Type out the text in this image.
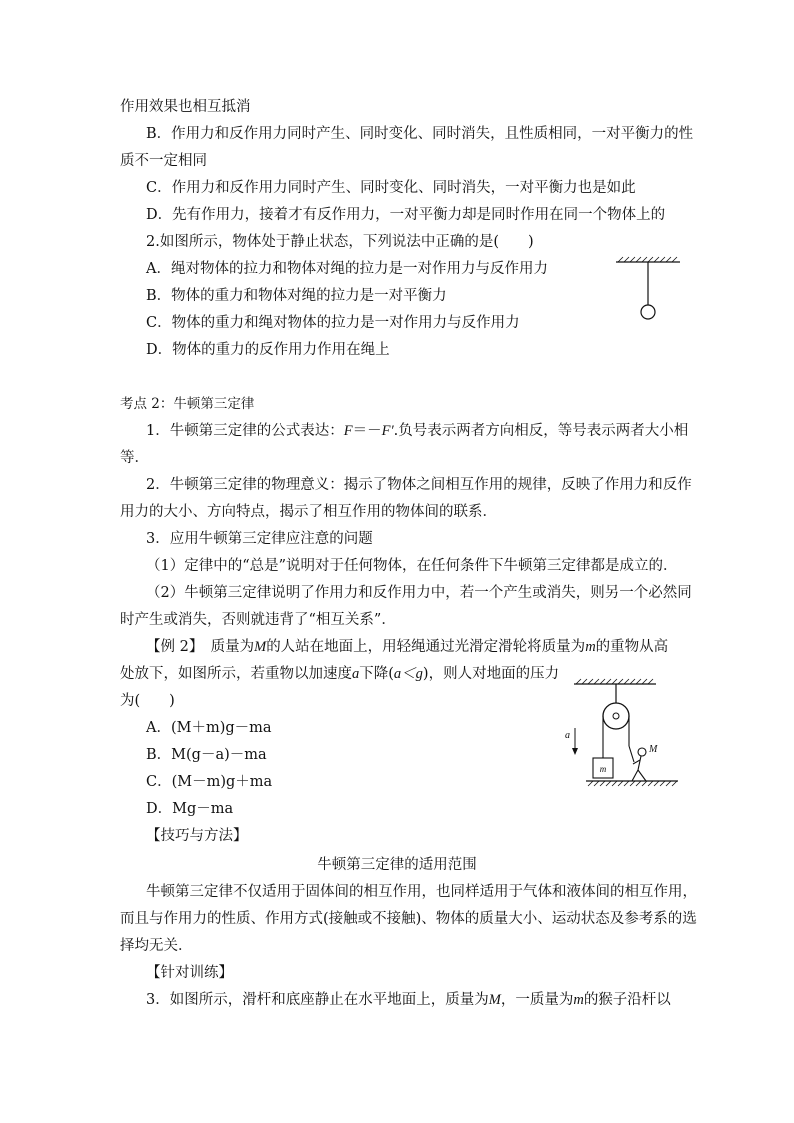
作用效果也相互抵消
B．作用力和反作用力同时产生、同时变化、同时消失，且性质相同，一对平衡力的性
质不一定相同
C．作用力和反作用力同时产生、同时变化、同时消失，一对平衡力也是如此
D．先有作用力，接着才有反作用力，一对平衡力却是同时作用在同一个物体上的
2.如图所示，物体处于静止状态，下列说法中正确的是(　　)
A．绳对物体的拉力和物体对绳的拉力是一对作用力与反作用力
B．物体的重力和物体对绳的拉力是一对平衡力
C．物体的重力和绳对物体的拉力是一对作用力与反作用力
D．物体的重力的反作用力作用在绳上
考点 2：牛顿第三定律
1．牛顿第三定律的公式表达：F＝－F′.负号表示两者方向相反，等号表示两者大小相
等．
2．牛顿第三定律的物理意义：揭示了物体之间相互作用的规律，反映了作用力和反作
用力的大小、方向特点，揭示了相互作用的物体间的联系．
3．应用牛顿第三定律应注意的问题
（1）定律中的“总是”说明对于任何物体，在任何条件下牛顿第三定律都是成立的．
（2）牛顿第三定律说明了作用力和反作用力中，若一个产生或消失，则另一个必然同
时产生或消失，否则就违背了“相互关系”．
【例 2】　质量为M的人站在地面上，用轻绳通过光滑定滑轮将质量为m的重物从高
处放下，如图所示，若重物以加速度a下降(a＜g)，则人对地面的压力
为(　　)
A．(M＋m)g－ma
B．M(g－a)－ma
C．(M－m)g＋ma
D．Mg－ma
m
a
M
【技巧与方法】
牛顿第三定律的适用范围
牛顿第三定律不仅适用于固体间的相互作用，也同样适用于气体和液体间的相互作用，
而且与作用力的性质、作用方式(接触或不接触)、物体的质量大小、运动状态及参考系的选
择均无关．
【针对训练】
3．如图所示，滑杆和底座静止在水平地面上，质量为M，一质量为m的猴子沿杆以
